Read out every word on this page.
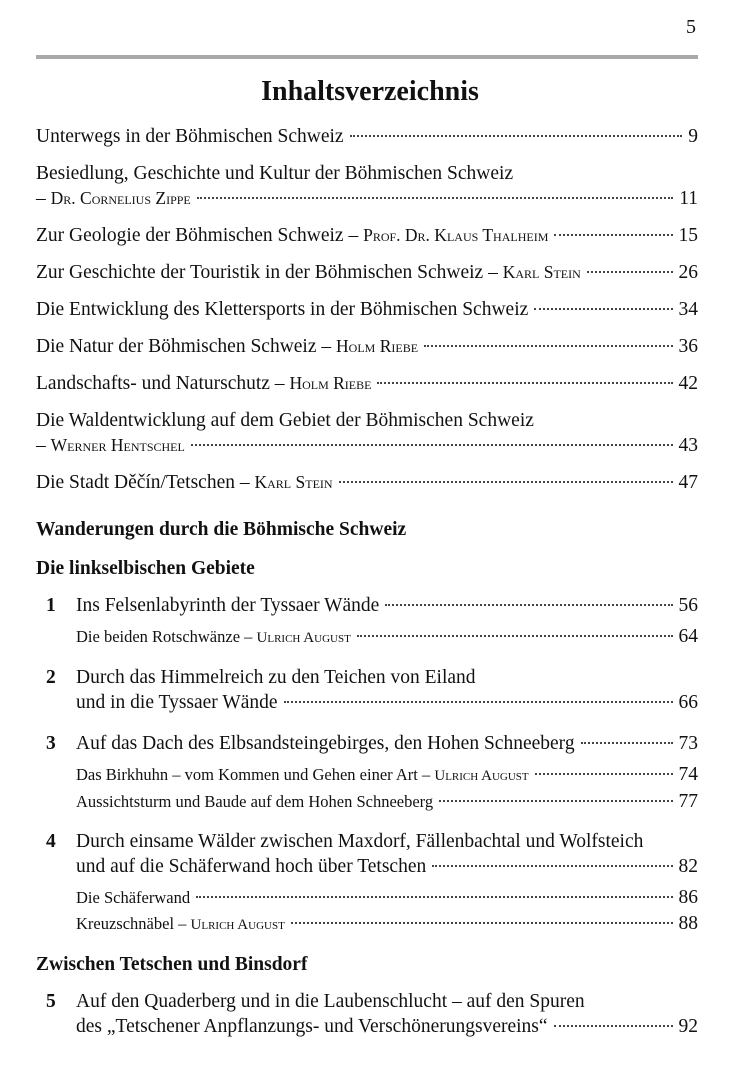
5
Inhaltsverzeichnis
Unterwegs in der Böhmischen Schweiz	9
Besiedlung, Geschichte und Kultur der Böhmischen Schweiz
– Dr. Cornelius Zippe	11
Zur Geologie der Böhmischen Schweiz – Prof. Dr. Klaus Thalheim	15
Zur Geschichte der Touristik in der Böhmischen Schweiz – Karl Stein	26
Die Entwicklung des Klettersports in der Böhmischen Schweiz	34
Die Natur der Böhmischen Schweiz – Holm Riebe	36
Landschafts- und Naturschutz – Holm Riebe	42
Die Waldentwicklung auf dem Gebiet der Böhmischen Schweiz
– Werner Hentschel	43
Die Stadt Děčín/Tetschen – Karl Stein	47
Wanderungen durch die Böhmische Schweiz
Die linkselbischen Gebiete
1	Ins Felsenlabyrinth der Tyssaer Wände	56
Die beiden Rotschwänze – Ulrich August	64
2	Durch das Himmelreich zu den Teichen von Eiland
und in die Tyssaer Wände	66
3	Auf das Dach des Elbsandsteingebirges, den Hohen Schneeberg	73
Das Birkhuhn – vom Kommen und Gehen einer Art – Ulrich August	74
Aussichtsturm und Baude auf dem Hohen Schneeberg	77
4	Durch einsame Wälder zwischen Maxdorf, Fällenbachtal und Wolfsteich
und auf die Schäferwand hoch über Tetschen	82
Die Schäferwand	86
Kreuzschnäbel – Ulrich August	88
Zwischen Tetschen und Binsdorf
5	Auf den Quaderberg und in die Laubenschlucht – auf den Spuren
des „Tetschener Anpflanzungs- und Verschönerungsvereins“	92
